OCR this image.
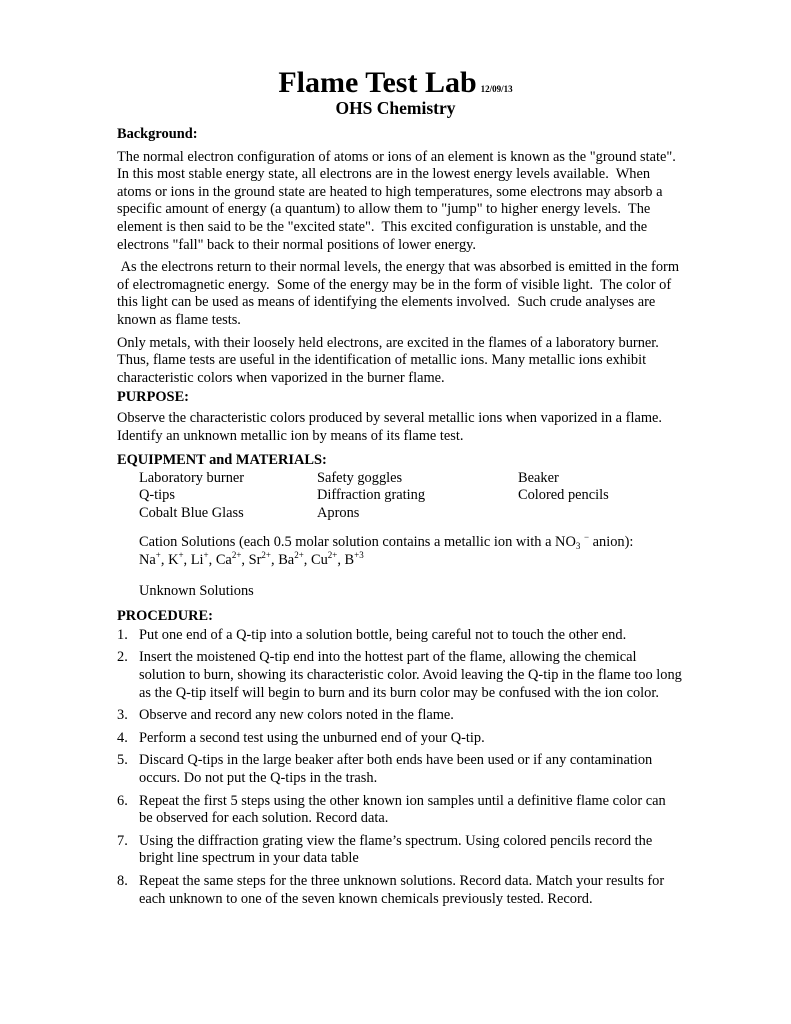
Flame Test Lab 12/09/13
OHS Chemistry
Background:

The normal electron configuration of atoms or ions of an element is known as the "ground state".  In this most stable energy state, all electrons are in the lowest energy levels available.  When atoms or ions in the ground state are heated to high temperatures, some electrons may absorb a specific amount of energy (a quantum) to allow them to "jump" to higher energy levels.  The element is then said to be the "excited state".  This excited configuration is unstable, and the electrons "fall" back to their normal positions of lower energy.

As the electrons return to their normal levels, the energy that was absorbed is emitted in the form of electromagnetic energy.  Some of the energy may be in the form of visible light.  The color of this light can be used as means of identifying the elements involved.  Such crude analyses are known as flame tests.

Only metals, with their loosely held electrons, are excited in the flames of a laboratory burner. Thus, flame tests are useful in the identification of metallic ions. Many metallic ions exhibit characteristic colors when vaporized in the burner flame.

PURPOSE:

Observe the characteristic colors produced by several metallic ions when vaporized in a flame. Identify an unknown metallic ion by means of its flame test.

EQUIPMENT and MATERIALS:
Laboratory burner	Safety goggles	Beaker
Q-tips	Diffraction grating	Colored pencils
Cobalt Blue Glass	Aprons
Cation Solutions (each 0.5 molar solution contains a metallic ion with a $NO_3$ − anion):
Na+, K+, Li+, $Ca^{2+}$, $Sr^{2+}$, $Ba^{2+}$, $Cu^{2+}$, $B^{+3}$
Unknown Solutions
PROCEDURE:
1. Put one end of a Q-tip into a solution bottle, being careful not to touch the other end.
2. Insert the moistened Q-tip end into the hottest part of the flame, allowing the chemical solution to burn, showing its characteristic color. Avoid leaving the Q-tip in the flame too long as the Q-tip itself will begin to burn and its burn color may be confused with the ion color.
3. Observe and record any new colors noted in the flame.
4. Perform a second test using the unburned end of your Q-tip.
5. Discard Q-tips in the large beaker after both ends have been used or if any contamination occurs. Do not put the Q-tips in the trash.
6. Repeat the first 5 steps using the other known ion samples until a definitive flame color can be observed for each solution. Record data.
7. Using the diffraction grating view the flame’s spectrum. Using colored pencils record the bright line spectrum in your data table
8. Repeat the same steps for the three unknown solutions. Record data. Match your results for each unknown to one of the seven known chemicals previously tested. Record.
